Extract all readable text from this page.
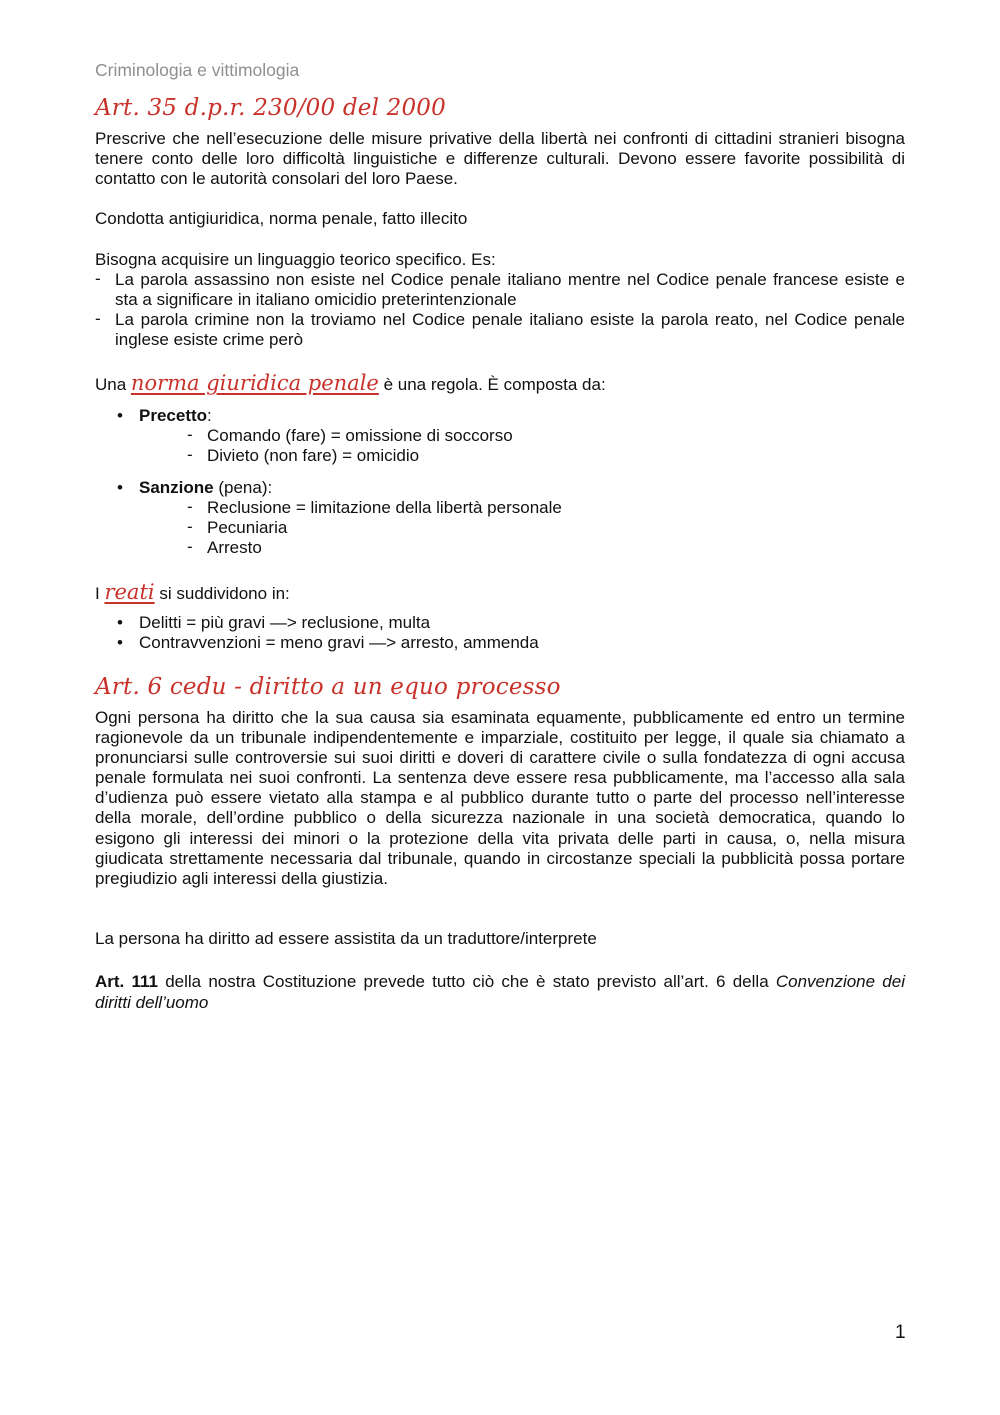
Criminologia e vittimologia
Art. 35 d.p.r. 230/00 del 2000
Prescrive che nell’esecuzione delle misure privative della libertà nei confronti di cittadini stranieri bisogna tenere conto delle loro difficoltà linguistiche e differenze culturali. Devono essere favorite possibilità di contatto con le autorità consolari del loro Paese.
Condotta antigiuridica, norma penale, fatto illecito
Bisogna acquisire un linguaggio teorico specifico. Es:
- La parola assassino non esiste nel Codice penale italiano mentre nel Codice penale francese esiste e sta a significare in italiano omicidio preterintenzionale
- La parola crimine non la troviamo nel Codice penale italiano esiste la parola reato, nel Codice penale inglese esiste crime però
Una norma giuridica penale è una regola. È composta da:
• Precetto:
- Comando (fare) = omissione di soccorso
- Divieto (non fare) = omicidio
• Sanzione (pena):
- Reclusione = limitazione della libertà personale
- Pecuniaria
- Arresto
I reati si suddividono in:
• Delitti = più gravi —> reclusione, multa
• Contravvenzioni = meno gravi —> arresto, ammenda
Art. 6 cedu - diritto a un equo processo
Ogni persona ha diritto che la sua causa sia esaminata equamente, pubblicamente ed entro un termine ragionevole da un tribunale indipendentemente e imparziale, costituito per legge, il quale sia chiamato a pronunciarsi sulle controversie sui suoi diritti e doveri di carattere civile o sulla fondatezza di ogni accusa penale formulata nei suoi confronti. La sentenza deve essere resa pubblicamente, ma l’accesso alla sala d’udienza può essere vietato alla stampa e al pubblico durante tutto o parte del processo nell’interesse della morale, dell’ordine pubblico o della sicurezza nazionale in una società democratica, quando lo esigono gli interessi dei minori o la protezione della vita privata delle parti in causa, o, nella misura giudicata strettamente necessaria dal tribunale, quando in circostanze speciali la pubblicità possa portare pregiudizio agli interessi della giustizia.
La persona ha diritto ad essere assistita da un traduttore/interprete
Art. 111 della nostra Costituzione prevede tutto ciò che è stato previsto all’art. 6 della Convenzione dei diritti dell’uomo
1
